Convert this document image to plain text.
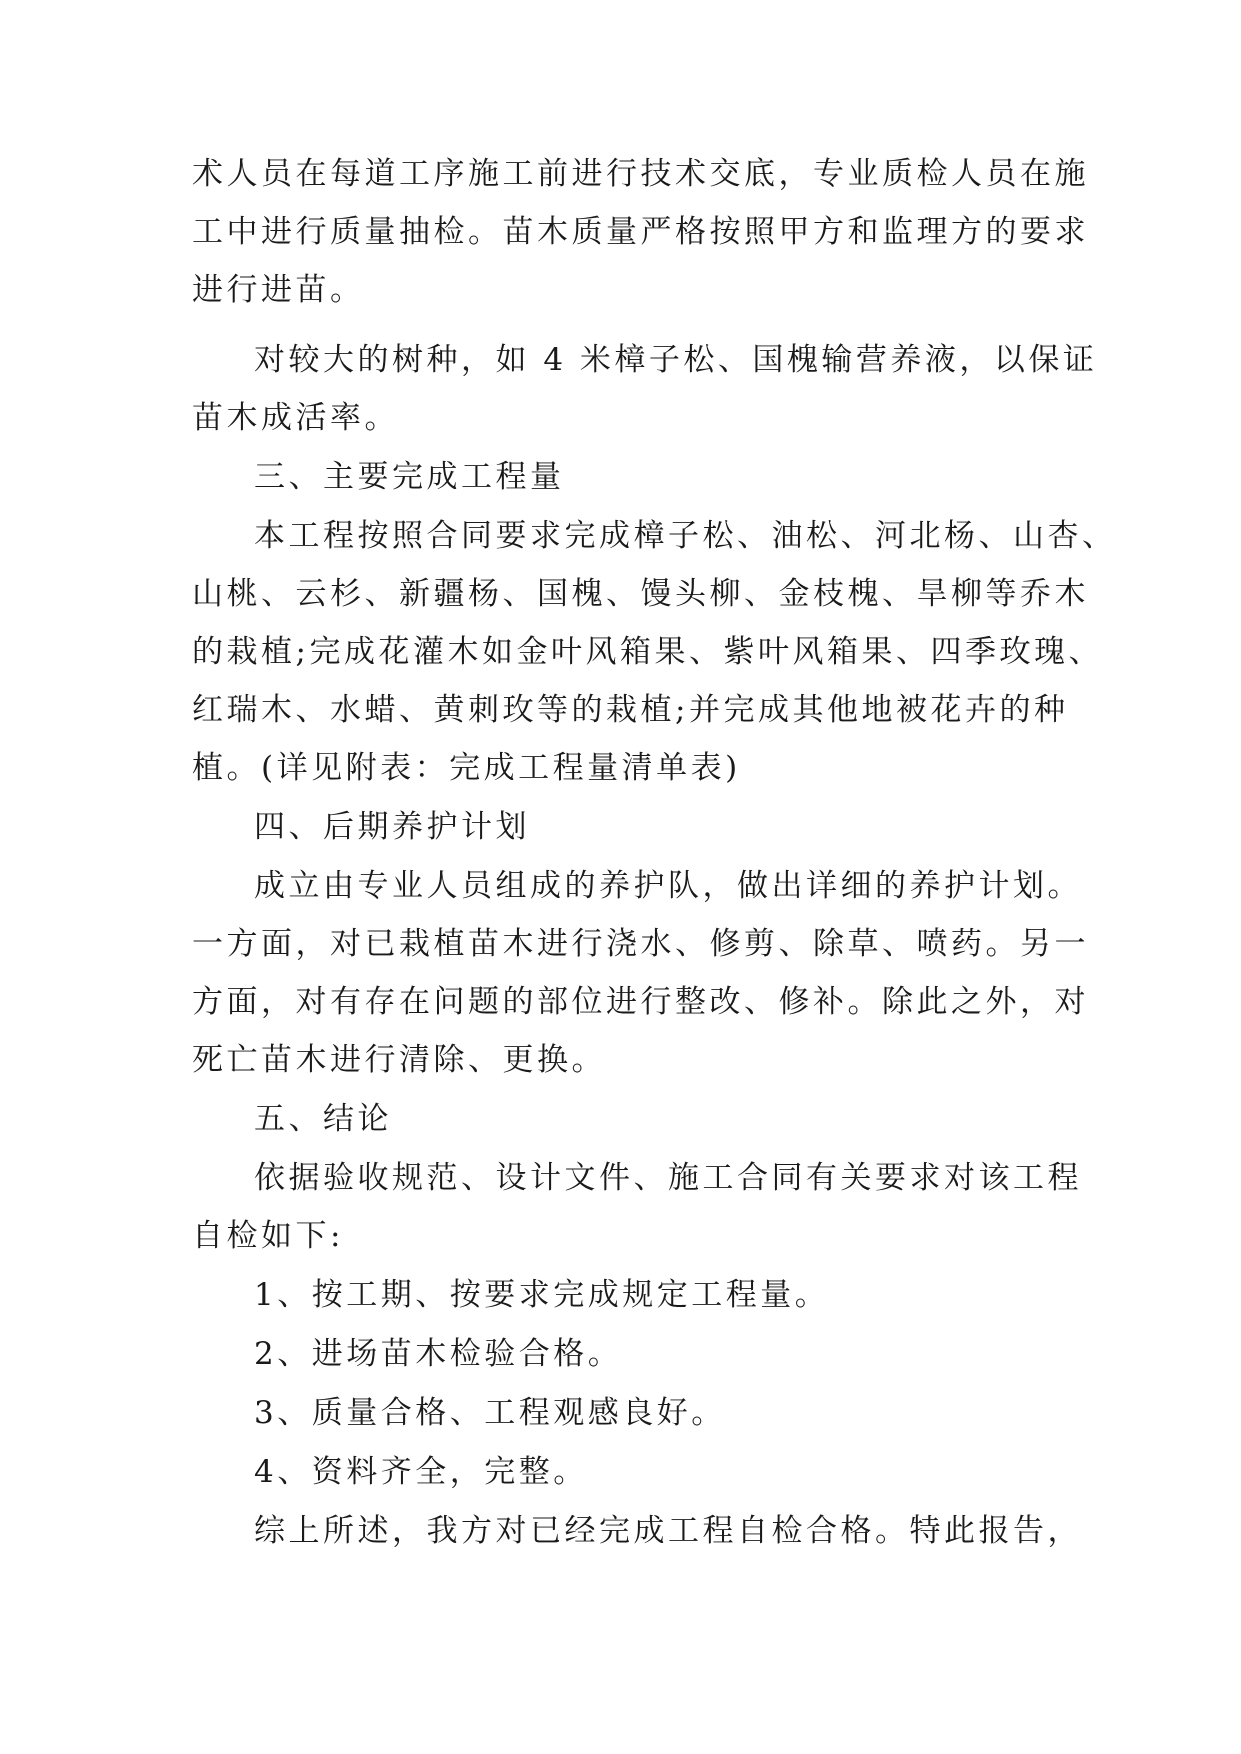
术人员在每道工序施工前进行技术交底，专业质检人员在施
工中进行质量抽检。苗木质量严格按照甲方和监理方的要求
进行进苗。
对较大的树种，如 4 米樟子松、国槐输营养液，以保证
苗木成活率。
三、主要完成工程量
本工程按照合同要求完成樟子松、油松、河北杨、山杏、
山桃、云杉、新疆杨、国槐、馒头柳、金枝槐、旱柳等乔木
的栽植;完成花灌木如金叶风箱果、紫叶风箱果、四季玫瑰、
红瑞木、水蜡、黄刺玫等的栽植;并完成其他地被花卉的种
植。(详见附表：完成工程量清单表)
四、后期养护计划
成立由专业人员组成的养护队，做出详细的养护计划。
一方面，对已栽植苗木进行浇水、修剪、除草、喷药。另一
方面，对有存在问题的部位进行整改、修补。除此之外，对
死亡苗木进行清除、更换。
五、结论
依据验收规范、设计文件、施工合同有关要求对该工程
自检如下:
1、按工期、按要求完成规定工程量。
2、进场苗木检验合格。
3、质量合格、工程观感良好。
4、资料齐全，完整。
综上所述，我方对已经完成工程自检合格。特此报告，
